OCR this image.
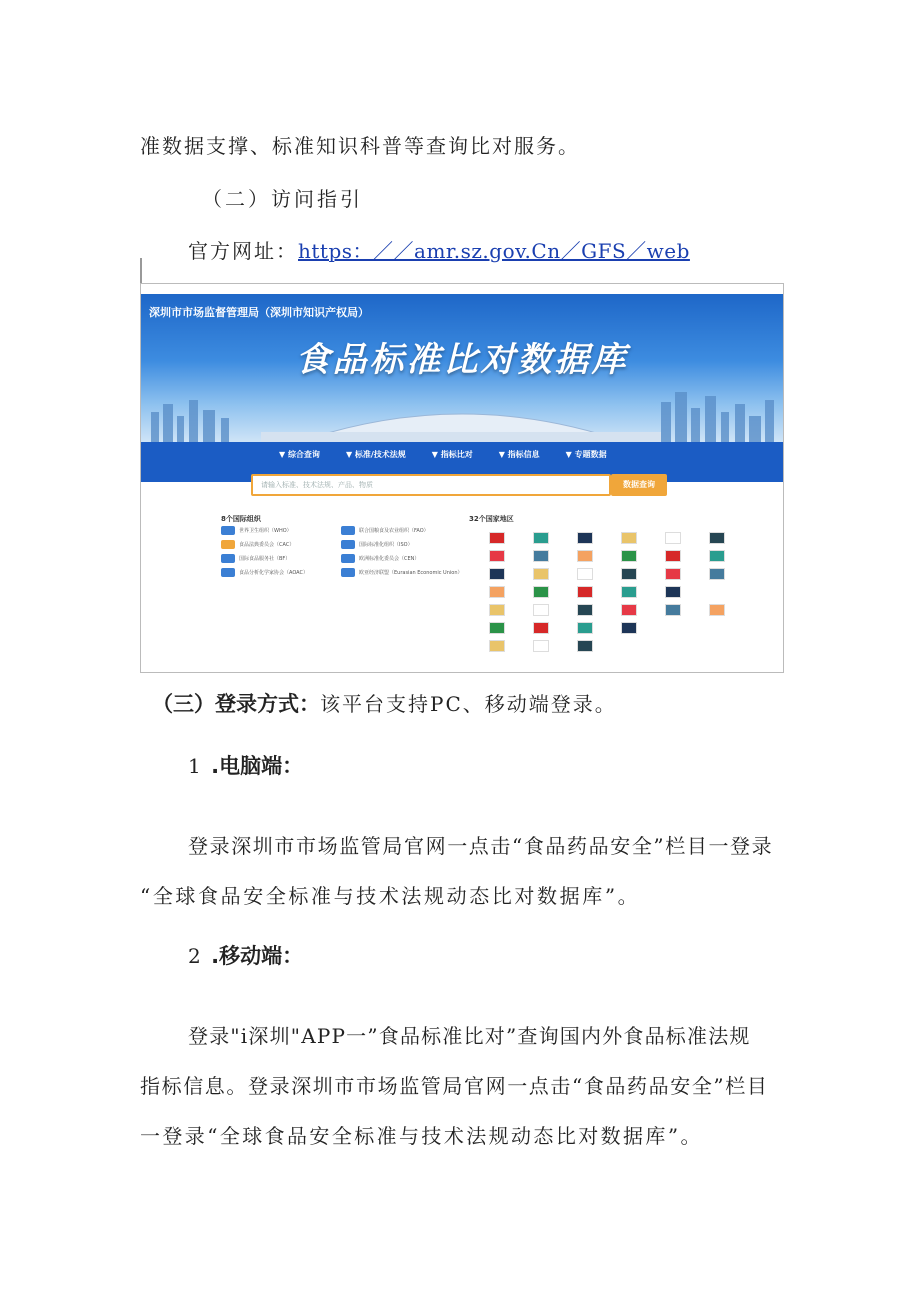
准数据支撑、标准知识科普等查询比对服务。
（二）访问指引
官方网址：https：／／amr.sz.gov.Cn／GFS／web
深圳市市场监督管理局（深圳市知识产权局）
食品标准比对数据库
▼ 综合查询	▼ 标准/技术法规	▼ 指标比对	▼ 指标信息	▼ 专题数据
请输入标准、技术法规、产品、物质	数据查询
8个国际组织
世界卫生组织（WHO）
食品法典委员会（CAC）
国际食品服务社（BF）
食品分析化学家协会（AOAC）
联合国粮食及农业组织（FAO）
国际标准化组织（ISO）
欧洲标准化委员会（CEN）
欧亚经济联盟（Eurasian Economic Union）
32个国家地区
（三）登录方式：该平台支持PC、移动端登录。
1 .电脑端：
登录深圳市市场监管局官网一点击“食品药品安全”栏目一登录
“全球食品安全标准与技术法规动态比对数据库”。
2 .移动端：
登录"i深圳"APP一”食品标准比对”查询国内外食品标准法规
指标信息。登录深圳市市场监管局官网一点击“食品药品安全”栏目
一登录“全球食品安全标准与技术法规动态比对数据库”。
